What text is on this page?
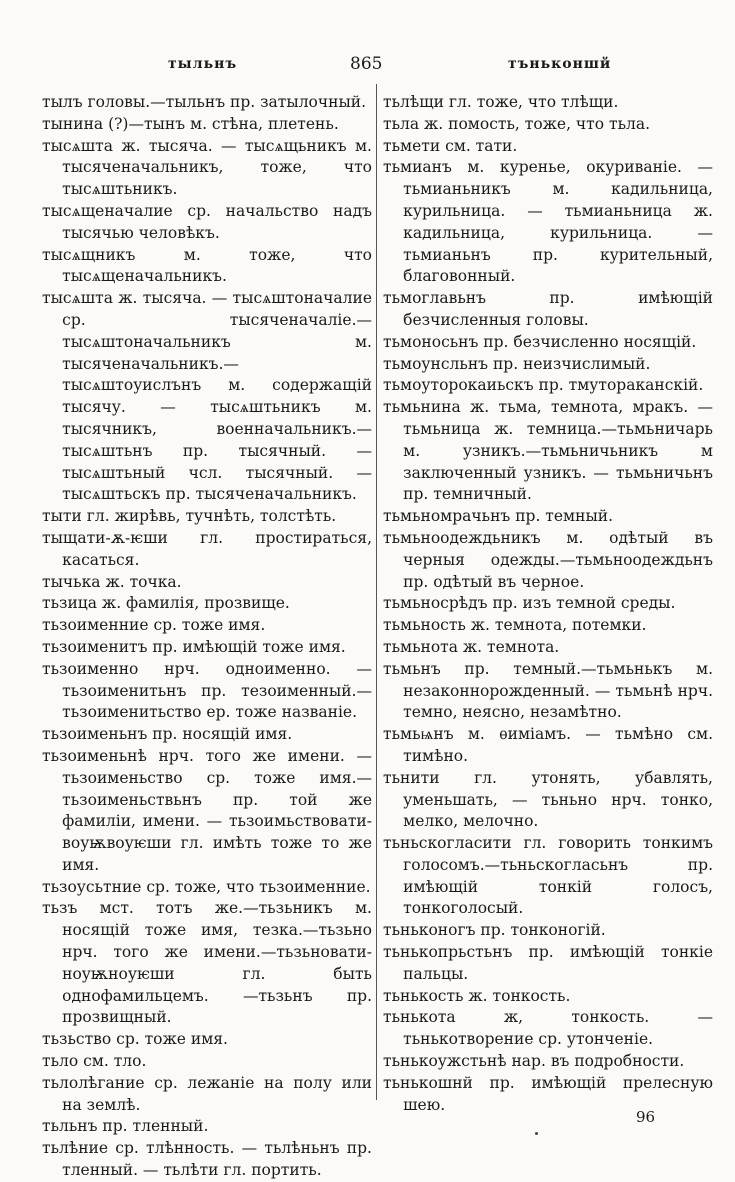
тыльнъ	865	тъньконшй

тылъ головы.—тыльнъ пр. затылочный.

тынина (?)—тынъ м. стѣна, плетень.

тысѧшта ж. тысяча. — тысѧщьникъ м. тысяченачальникъ, тоже, что тысѧштьникъ.

тысѧщеначалие ср. начальство надъ тысячью человѣкъ.

тысѧщникъ м. тоже, что тысѧщеначальникъ.

тысѧшта ж. тысяча. — тысѧштоначалие ср. тысяченачаліе.—тысѧштоначальникъ м. тысяченачальникъ.—тысѧштоуислънъ м. содержащій тысячу. — тысѧштьникъ м. тысячникъ, военначальникъ.—тысѧштьнъ пр. тысячный. — тысѧштьный чсл. тысячный. — тысѧштьскъ пр. тысяченачальникъ.

тыти гл. жирѣвь, тучнѣть, толстѣть.

тыщати-ѫ-ѥши гл. простираться, касаться.

тычька ж. точка.

тьзица ж. фамилія, прозвище.

тьзоименние ср. тоже имя.

тьзоименитъ пр. имѣющій тоже имя.

тьзоименно нрч. одноименно. — тьзоименитьнъ пр. тезоименный.— тьзоименитьство ер. тоже названіе.

тьзоименьнъ пр. носящій имя.

тьзоименьнѣ нрч. того же имени. — тьзоименьство ср. тоже имя.—тьзоименьствьнъ пр. той же фамиліи, имени. — тьзоимьствовати-воуѭвоуѥши гл. имѣть тоже то же имя.

тьзоусьтние ср. тоже, что тьзоименние.

тьзъ мст. тотъ же.—тьзьникъ м. носящій тоже имя, тезка.—тьзьно нрч. того же имени.—тьзьновати-ноуѭноуѥши гл. быть однофамильцемъ. —тьзьнъ пр. прозвищный.

тьзьство ср. тоже имя.

тьло см. тло.

тьлолѣгание ср. лежаніе на полу или на землѣ.

тьльнъ пр. тленный.

тьлѣние ср. тлѣнность. — тьлѣньнъ пр. тленный. — тьлѣти гл. портить.

тьлѣщи гл. тоже, что тлѣщи.

тьла ж. помость, тоже, что тьла.

тьмети см. тати.

тьмианъ м. куренье, окуриваніе. — тьмианьникъ м. кадильница, курильница. — тьмианьница ж. кадильница, курильница. — тьмианьнъ пр. курительный, благовонный.

тьмоглавьнъ пр. имѣющій безчисленныя головы.

тьмоносьнъ пр. безчисленно носящій.

тьмоунсльнъ пр. неизчислимый.

тьмоуторокаиьскъ пр. тмутораканскій.

тьмьнина ж. тьма, темнота, мракъ. — тьмьница ж. темница.—тьмьничарь м. узникъ.—тьмьничьникъ м заключенный узникъ. — тьмьничьнъ пр. темничный.

тьмьномрачьнъ пр. темный.

тьмьноодеждьникъ м. одѣтый въ черныя одежды.—тьмьноодеждьнъ пр. одѣтый въ черное.

тьмьносрѣдъ пр. изъ темной среды.

тьмьность ж. темнота, потемки.

тьмьнота ж. темнота.

тьмьнъ пр. темный.—тьмьнькъ м. незаконнорожденный. — тьмьнѣ нрч. темно, неясно, незамѣтно.

тьмьѩнъ м. ѳиміамъ. — тьмѣно см. тимѣно.

тьнити гл. утонять, убавлять, уменьшать, — тьньно нрч. тонко, мелко, мелочно.

тьньскогласити гл. говорить тонкимъ голосомъ.—тьньскогласьнъ пр. имѣющій тонкій голосъ, тонкоголосый.

тьньконогъ пр. тонконогій.

тьнькопрьстьнъ пр. имѣющій тонкіе пальцы.

тьнькость ж. тонкость.

тьнькота ж, тонкость. — тьнькотворение ср. утонченіе.

тьнькоужстьнѣ нар. въ подробности.

тьнькошнй пр. имѣющій прелесную шею.

96
